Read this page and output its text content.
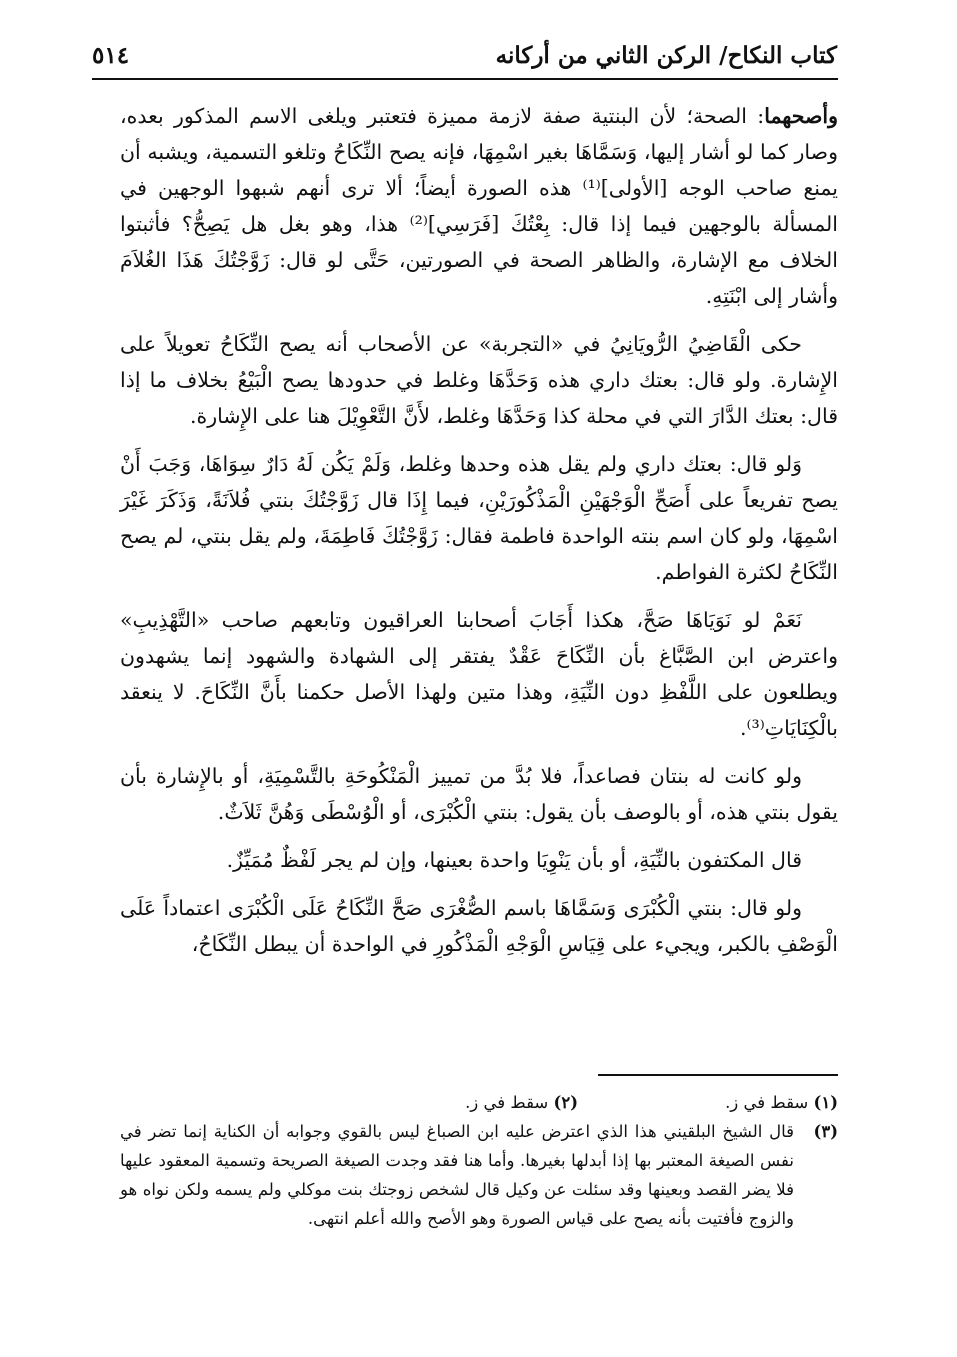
كتاب النكاح/ الركن الثاني من أركانه
٥١٤

وأصحهما: الصحة؛ لأن البنتية صفة لازمة مميزة فتعتبر ويلغى الاسم المذكور بعده، وصار كما لو أشار إليها، وَسَمَّاهَا بغير اسْمِهَا، فإنه يصح النِّكَاحُ وتلغو التسمية، ويشبه أن يمنع صاحب الوجه [الأولى]⁽¹⁾ هذه الصورة أيضاً؛ ألا ترى أنهم شبهوا الوجهين في المسألة بالوجهين فيما إذا قال: بِعْتُكَ [فَرَسِي]⁽²⁾ هذا، وهو بغل هل يَصِحُّ؟ فأثبتوا الخلاف مع الإشارة، والظاهر الصحة في الصورتين، حَتَّى لو قال: زَوَّجْتُكَ هَذَا الغُلاَمَ وأشار إلى ابْنَتِهِ.

حكى الْقَاضِيُ الرُّويَانِيُ في «التجربة» عن الأصحاب أنه يصح النِّكَاحُ تعويلاً على الإِشارة. ولو قال: بعتك داري هذه وَحَدَّهَا وغلط في حدودها يصح الْبَيْعُ بخلاف ما إذا قال: بعتك الدَّارَ التي في محلة كذا وَحَدَّهَا وغلط، لأَنَّ التَّعْوِيْلَ هنا على الإِشارة.

وَلو قال: بعتك داري ولم يقل هذه وحدها وغلط، وَلَمْ يَكُن لَهُ دَارٌ سِوَاهَا، وَجَبَ أَنْ يصح تفريعاً على أَصَحِّ الْوَجْهَيْنِ الْمَذْكُورَيْنِ، فيما إِذَا قال زَوَّجْتُكَ بنتي فُلاَنَةً، وَذَكَرَ غَيْرَ اسْمِهَا، ولو كان اسم بنته الواحدة فاطمة فقال: زَوَّجْتُكَ فَاطِمَةَ، ولم يقل بنتي، لم يصح النِّكَاحُ لكثرة الفواطم.

نَعَمْ لو نَوَيَاهَا صَحَّ، هكذا أَجَابَ أصحابنا العراقيون وتابعهم صاحب «التَّهْذِيبِ» واعترض ابن الصَّبَّاغ بأن النِّكَاحَ عَقْدٌ يفتقر إلى الشهادة والشهود إنما يشهدون ويطلعون على اللَّفْظِ دون النِّيَةِ، وهذا متين ولهذا الأصل حكمنا بأَنَّ النِّكَاحَ. لا ينعقد بالْكِنَايَاتِ⁽³⁾.

ولو كانت له بنتان فصاعداً، فلا بُدَّ من تمييز الْمَنْكُوحَةِ بالتَّسْمِيَةِ، أو بالإِشارة بأن يقول بنتي هذه، أو بالوصف بأن يقول: بنتي الْكُبْرَى، أو الْوُسْطَى وَهُنَّ ثَلاَثٌ.

قال المكتفون بالنِّيَةِ، أو بأن يَنْوِيَا واحدة بعينها، وإن لم يجر لَفْظٌ مُمَيِّزٌ.

ولو قال: بنتي الْكُبْرَى وَسَمَّاهَا باسم الصُّغْرَى صَحَّ النِّكَاحُ عَلَى الْكُبْرَى اعتماداً عَلَى الْوَصْفِ بالكبر، ويجيء على قِيَاسِ الْوَجْهِ الْمَذْكُورِ في الواحدة أن يبطل النِّكَاحُ،

(١) سقط في ز.
(٢) سقط في ز.
(٣)
قال الشيخ البلقيني هذا الذي اعترض عليه ابن الصباغ ليس بالقوي وجوابه أن الكناية إنما تضر في نفس الصيغة المعتبر بها إذا أبدلها بغيرها. وأما هنا فقد وجدت الصيغة الصريحة وتسمية المعقود عليها فلا يضر القصد وبعينها وقد سئلت عن وكيل قال لشخص زوجتك بنت موكلي ولم يسمه ولكن نواه هو والزوج فأفتيت بأنه يصح على قياس الصورة وهو الأصح والله أعلم انتهى.
